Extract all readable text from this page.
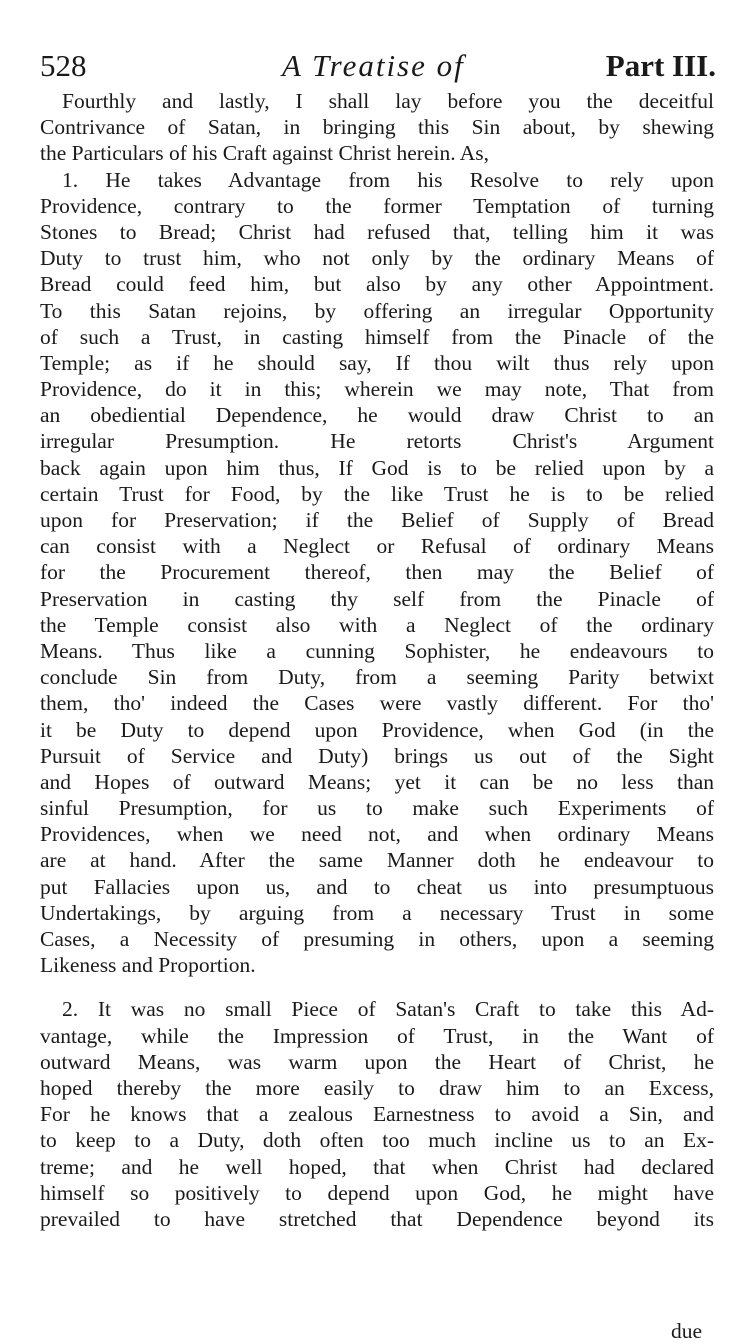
528	A Treatise of	Part III.
Fourthly and lastly, I shall lay before you the deceitful
Contrivance of Satan, in bringing this Sin about, by shewing
the Particulars of his Craft against Christ herein. As,
1. He takes Advantage from his Resolve to rely upon
Providence, contrary to the former Temptation of turning
Stones to Bread; Christ had refused that, telling him it was
Duty to trust him, who not only by the ordinary Means of
Bread could feed him, but also by any other Appointment.
To this Satan rejoins, by offering an irregular Opportunity
of such a Trust, in casting himself from the Pinacle of the
Temple; as if he should say, If thou wilt thus rely upon
Providence, do it in this; wherein we may note, That from
an obediential Dependence, he would draw Christ to an
irregular Presumption. He retorts Christ's Argument
back again upon him thus, If God is to be relied upon by a
certain Trust for Food, by the like Trust he is to be relied
upon for Preservation; if the Belief of Supply of Bread
can consist with a Neglect or Refusal of ordinary Means
for the Procurement thereof, then may the Belief of
Preservation in casting thy self from the Pinacle of
the Temple consist also with a Neglect of the ordinary
Means. Thus like a cunning Sophister, he endeavours to
conclude Sin from Duty, from a seeming Parity betwixt
them, tho' indeed the Cases were vastly different. For tho'
it be Duty to depend upon Providence, when God (in the
Pursuit of Service and Duty) brings us out of the Sight
and Hopes of outward Means; yet it can be no less than
sinful Presumption, for us to make such Experiments of
Providences, when we need not, and when ordinary Means
are at hand. After the same Manner doth he endeavour to
put Fallacies upon us, and to cheat us into presumptuous
Undertakings, by arguing from a necessary Trust in some
Cases, a Necessity of presuming in others, upon a seeming
Likeness and Proportion.
2. It was no small Piece of Satan's Craft to take this Ad-
vantage, while the Impression of Trust, in the Want of
outward Means, was warm upon the Heart of Christ, he
hoped thereby the more easily to draw him to an Excess,
For he knows that a zealous Earnestness to avoid a Sin, and
to keep to a Duty, doth often too much incline us to an Ex-
treme; and he well hoped, that when Christ had declared
himself so positively to depend upon God, he might have
prevailed to have stretched that Dependence beyond its
due
